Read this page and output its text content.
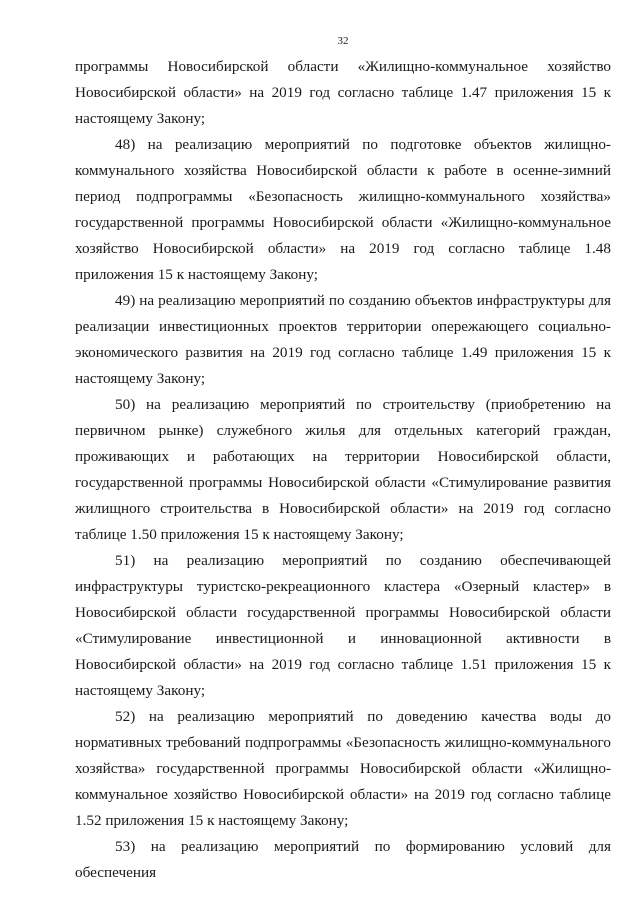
32

программы Новосибирской области «Жилищно-коммунальное хозяйство Новосибирской области» на 2019 год согласно таблице 1.47 приложения 15 к настоящему Закону;

48) на реализацию мероприятий по подготовке объектов жилищно-коммунального хозяйства Новосибирской области к работе в осенне-зимний период подпрограммы «Безопасность жилищно-коммунального хозяйства» государственной программы Новосибирской области «Жилищно-коммунальное хозяйство Новосибирской области» на 2019 год согласно таблице 1.48 приложения 15 к настоящему Закону;

49) на реализацию мероприятий по созданию объектов инфраструктуры для реализации инвестиционных проектов территории опережающего социально-экономического развития на 2019 год согласно таблице 1.49 приложения 15 к настоящему Закону;

50) на реализацию мероприятий по строительству (приобретению на первичном рынке) служебного жилья для отдельных категорий граждан, проживающих и работающих на территории Новосибирской области, государственной программы Новосибирской области «Стимулирование развития жилищного строительства в Новосибирской области» на 2019 год согласно таблице 1.50 приложения 15 к настоящему Закону;

51) на реализацию мероприятий по созданию обеспечивающей инфраструктуры туристско-рекреационного кластера «Озерный кластер» в Новосибирской области государственной программы Новосибирской области «Стимулирование инвестиционной и инновационной активности в Новосибирской области» на 2019 год согласно таблице 1.51 приложения 15 к настоящему Закону;

52) на реализацию мероприятий по доведению качества воды до нормативных требований подпрограммы «Безопасность жилищно-коммунального хозяйства» государственной программы Новосибирской области «Жилищно-коммунальное хозяйство Новосибирской области» на 2019 год согласно таблице 1.52 приложения 15 к настоящему Закону;

53) на реализацию мероприятий по формированию условий для обеспечения
